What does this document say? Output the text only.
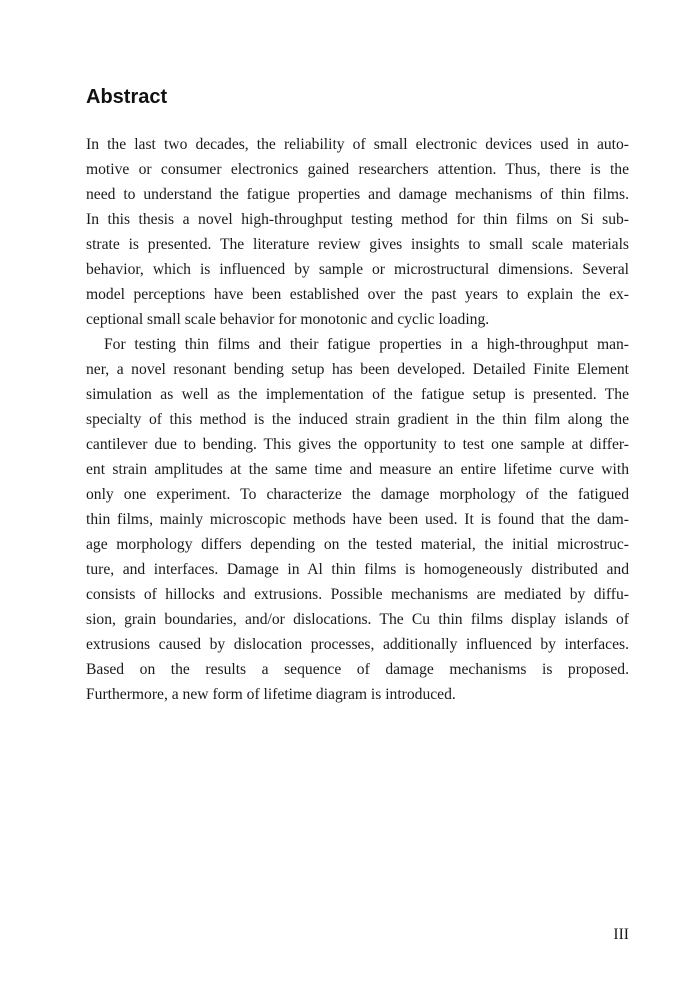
Abstract
In the last two decades, the reliability of small electronic devices used in auto-
motive or consumer electronics gained researchers attention. Thus, there is the
need to understand the fatigue properties and damage mechanisms of thin films.
In this thesis a novel high-throughput testing method for thin films on Si sub-
strate is presented. The literature review gives insights to small scale materials
behavior, which is influenced by sample or microstructural dimensions. Several
model perceptions have been established over the past years to explain the ex-
ceptional small scale behavior for monotonic and cyclic loading.
For testing thin films and their fatigue properties in a high-throughput man-
ner, a novel resonant bending setup has been developed. Detailed Finite Element
simulation as well as the implementation of the fatigue setup is presented. The
specialty of this method is the induced strain gradient in the thin film along the
cantilever due to bending. This gives the opportunity to test one sample at differ-
ent strain amplitudes at the same time and measure an entire lifetime curve with
only one experiment. To characterize the damage morphology of the fatigued
thin films, mainly microscopic methods have been used. It is found that the dam-
age morphology differs depending on the tested material, the initial microstruc-
ture, and interfaces. Damage in Al thin films is homogeneously distributed and
consists of hillocks and extrusions. Possible mechanisms are mediated by diffu-
sion, grain boundaries, and/or dislocations. The Cu thin films display islands of
extrusions caused by dislocation processes, additionally influenced by interfaces.
Based on the results a sequence of damage mechanisms is proposed.
Furthermore, a new form of lifetime diagram is introduced.
III
